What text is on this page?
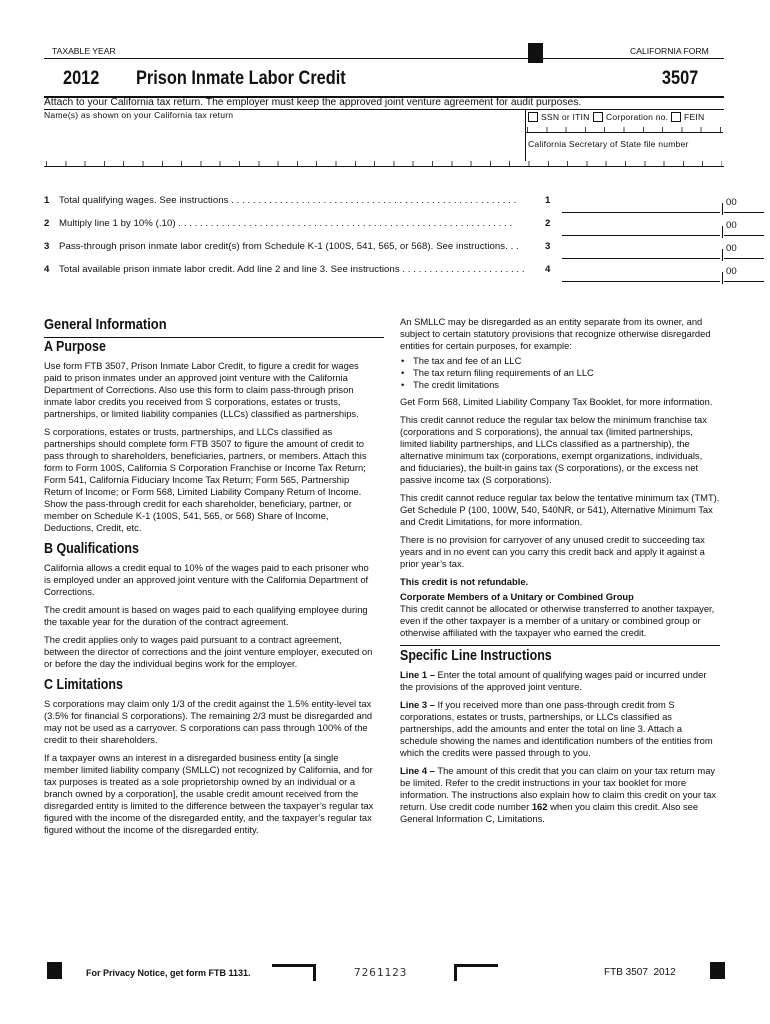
TAXABLE YEAR	CALIFORNIA FORM
2012 Prison Inmate Labor Credit	3507
Attach to your California tax return. The employer must keep the approved joint venture agreement for audit purposes.
Name(s) as shown on your California tax return	SSN or ITIN Corporation no. FEIN
California Secretary of State file number
1 Total qualifying wages. See instructions . . . . . . . . . . . . . . . . . . . . . . . . . . . . . . . . . . . . . . . . . . . . . . . . . . . . .	1	00
2 Multiply line 1 by 10% (.10) . . . . . . . . . . . . . . . . . . . . . . . . . . . . . . . . . . . . . . . . . . . . . . . . . . . . . . . . . . . . . .	2	00
3 Pass-through prison inmate labor credit(s) from Schedule K-1 (100S, 541, 565, or 568). See instructions. . .	3	00
4 Total available prison inmate labor credit. Add line 2 and line 3. See instructions . . . . . . . . . . . . . . . . . . . . . . . 4	00
General Information
A Purpose

Use form FTB 3507, Prison Inmate Labor Credit, to figure a credit for wages paid to prison inmates under an approved joint venture with the California Department of Corrections. Also use this form to claim pass-through prison inmate labor credits you received from S corporations, estates or trusts, partnerships, or limited liability companies (LLCs) classified as partnerships.

S corporations, estates or trusts, partnerships, and LLCs classified as partnerships should complete form FTB 3507 to figure the amount of credit to pass through to shareholders, beneficiaries, partners, or members. Attach this form to Form 100S, California S Corporation Franchise or Income Tax Return; Form 541, California Fiduciary Income Tax Return; Form 565, Partnership Return of Income; or Form 568, Limited Liability Company Return of Income. Show the pass-through credit for each shareholder, beneficiary, partner, or member on Schedule K-1 (100S, 541, 565, or 568) Share of Income, Deductions, Credit, etc.

B Qualifications

California allows a credit equal to 10% of the wages paid to each prisoner who is employed under an approved joint venture with the California Department of Corrections.

The credit amount is based on wages paid to each qualifying employee during the taxable year for the duration of the contract agreement.

The credit applies only to wages paid pursuant to a contract agreement, between the director of corrections and the joint venture employer, executed on or before the day the individual begins work for the employer.

C Limitations

S corporations may claim only 1/3 of the credit against the 1.5% entity-level tax (3.5% for financial S corporations). The remaining 2/3 must be disregarded and may not be used as a carryover. S corporations can pass through 100% of the credit to their shareholders.

If a taxpayer owns an interest in a disregarded business entity [a single member limited liability company (SMLLC) not recognized by California, and for tax purposes is treated as a sole proprietorship owned by an individual or a branch owned by a corporation], the usable credit amount received from the disregarded entity is limited to the difference between the taxpayer’s regular tax figured with the income of the disregarded entity, and the taxpayer’s regular tax figured without the income of the disregarded entity.

An SMLLC may be disregarded as an entity separate from its owner, and subject to certain statutory provisions that recognize otherwise disregarded entities for certain purposes, for example:

• The tax and fee of an LLC
• The tax return filing requirements of an LLC
• The credit limitations

Get Form 568, Limited Liability Company Tax Booklet, for more information.

This credit cannot reduce the regular tax below the minimum franchise tax (corporations and S corporations), the annual tax (limited partnerships, limited liability partnerships, and LLCs classified as a partnership), the alternative minimum tax (corporations, exempt organizations, individuals, and fiduciaries), the built-in gains tax (S corporations), or the excess net passive income tax (S corporations).

This credit cannot reduce regular tax below the tentative minimum tax (TMT). Get Schedule P (100, 100W, 540, 540NR, or 541), Alternative Minimum Tax and Credit Limitations, for more information.

There is no provision for carryover of any unused credit to succeeding tax years and in no event can you carry this credit back and apply it against a prior year’s tax.

This credit is not refundable.

Corporate Members of a Unitary or Combined Group

This credit cannot be allocated or otherwise transferred to another taxpayer, even if the other taxpayer is a member of a unitary or combined group or otherwise affiliated with the taxpayer who earned the credit.

Specific Line Instructions

Line 1 – Enter the total amount of qualifying wages paid or incurred under the provisions of the approved joint venture.

Line 3 – If you received more than one pass-through credit from S corporations, estates or trusts, partnerships, or LLCs classified as partnerships, add the amounts and enter the total on line 3. Attach a schedule showing the names and identification numbers of the entities from which the credits were passed through to you.

Line 4 – The amount of this credit that you can claim on your tax return may be limited. Refer to the credit instructions in your tax booklet for more information. The instructions also explain how to claim this credit on your tax return. Use credit code number 162 when you claim this credit. Also see General Information C, Limitations.

For Privacy Notice, get form FTB 1131.	7261123	FTB 3507  2012
